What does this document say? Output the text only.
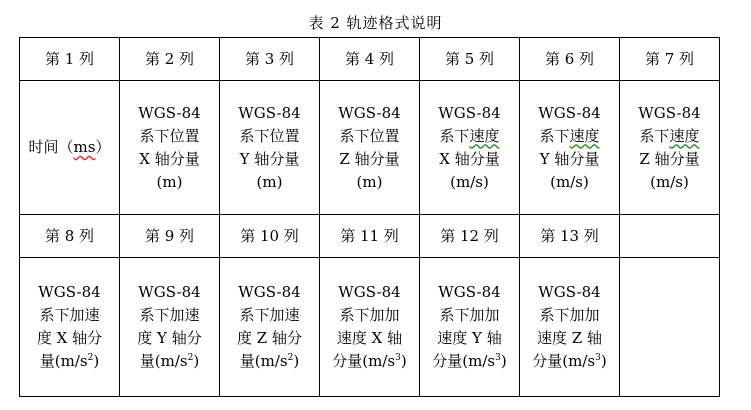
表 2 轨迹格式说明
第 1 列	第 2 列	第 3 列	第 4 列	第 5 列	第 6 列	第 7 列
时间（ms）	WGS-84
系下位置
X 轴分量
(m)	WGS-84
系下位置
Y 轴分量
(m)	WGS-84
系下位置
Z 轴分量
(m)	WGS-84
系下速度
X 轴分量
(m/s)	WGS-84
系下速度
Y 轴分量
(m/s)	WGS-84
系下速度
Z 轴分量
(m/s)

第 8 列	第 9 列	第 10 列	第 11 列	第 12 列	第 13 列	

WGS-84
系下加速
度 X 轴分
量$(m/s^2)$	WGS-84
系下加速
度 Y 轴分
量$(m/s^2)$	WGS-84
系下加速
度 Z 轴分
量$(m/s^2)$	WGS-84
系下加加
速度 X 轴
分量$(m/s^3)$	WGS-84
系下加加
速度 Y 轴
分量$(m/s^3)$	WGS-84
系下加加
速度 Z 轴
分量$(m/s^3)$	
